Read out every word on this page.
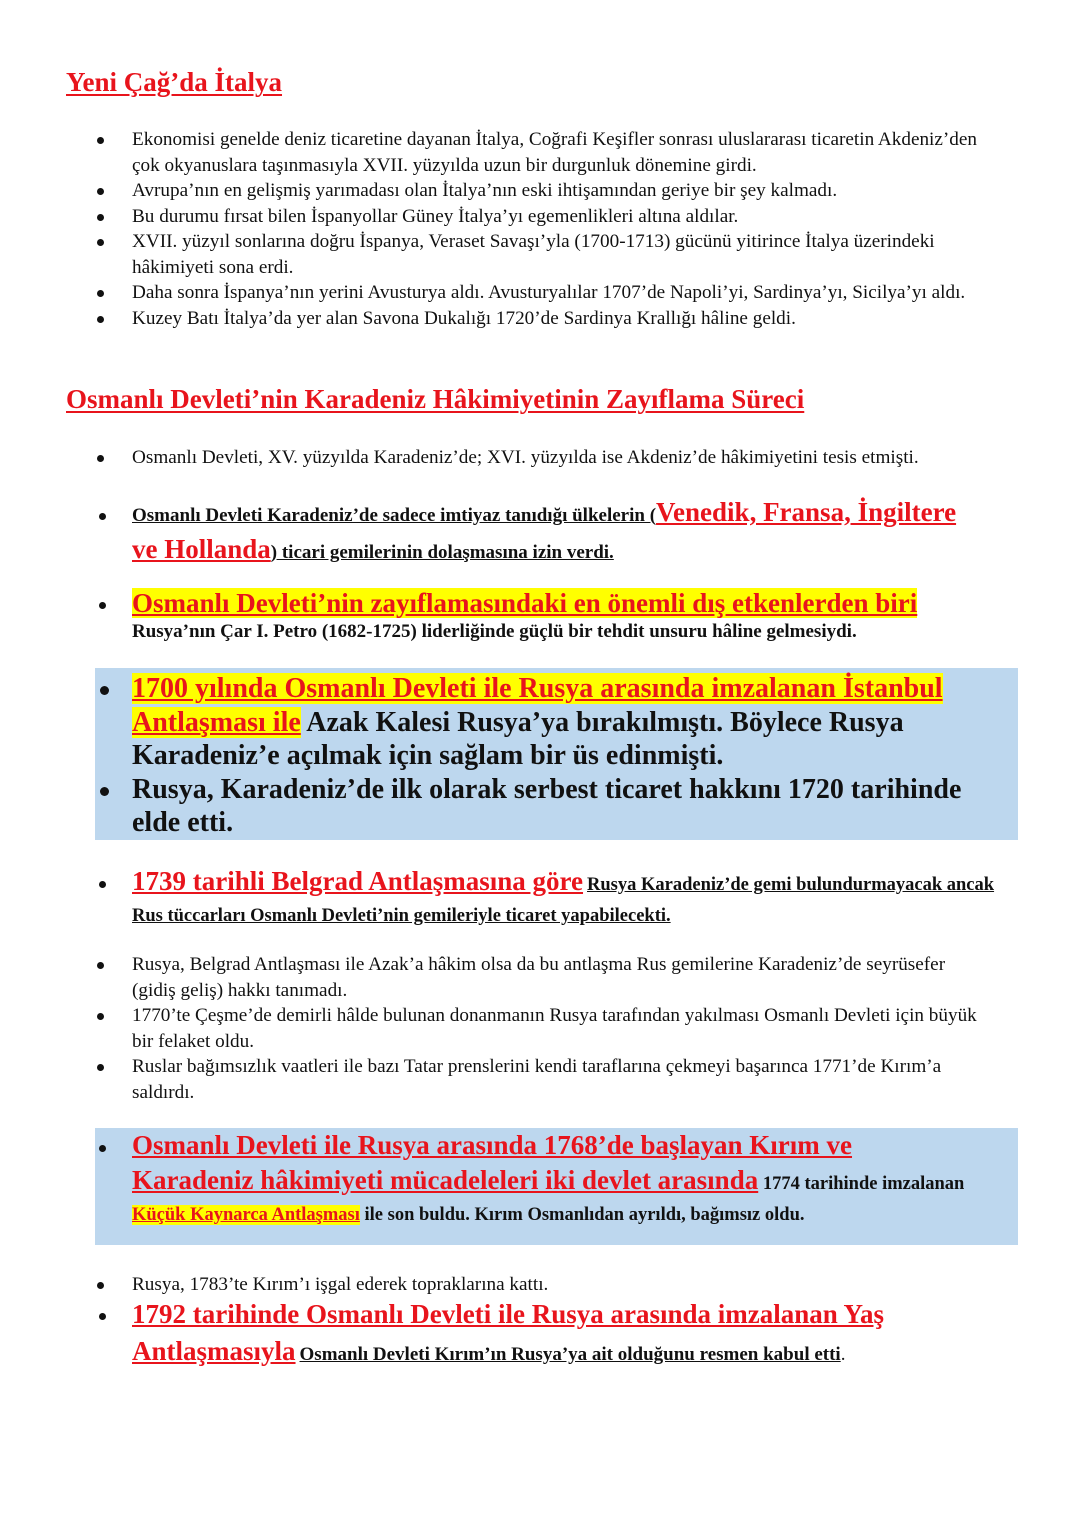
Yeni Çağ’da İtalya
Ekonomisi genelde deniz ticaretine dayanan İtalya, Coğrafi Keşifler sonrası uluslararası ticaretin Akdeniz’den çok okyanuslara taşınmasıyla XVII. yüzyılda uzun bir durgunluk dönemine girdi.
Avrupa’nın en gelişmiş yarımadası olan İtalya’nın eski ihtişamından geriye bir şey kalmadı.
Bu durumu fırsat bilen İspanyollar Güney İtalya’yı egemenlikleri altına aldılar.
XVII. yüzyıl sonlarına doğru İspanya, Veraset Savaşı’yla (1700-1713) gücünü yitirince İtalya üzerindeki hâkimiyeti sona erdi.
Daha sonra İspanya’nın yerini Avusturya aldı. Avusturyalılar 1707’de Napoli’yi, Sardinya’yı, Sicilya’yı aldı.
Kuzey Batı İtalya’da yer alan Savona Dukalığı 1720’de Sardinya Krallığı hâline geldi.
Osmanlı Devleti’nin Karadeniz Hâkimiyetinin Zayıflama Süreci
Osmanlı Devleti, XV. yüzyılda Karadeniz’de; XVI. yüzyılda ise Akdeniz’de hâkimiyetini tesis etmişti.
Osmanlı Devleti Karadeniz’de sadece imtiyaz tanıdığı ülkelerin (Venedik, Fransa, İngiltere ve Hollanda) ticari gemilerinin dolaşmasına izin verdi.
Osmanlı Devleti’nin zayıflamasındaki en önemli dış etkenlerden biri
Rusya’nın Çar I. Petro (1682-1725) liderliğinde güçlü bir tehdit unsuru hâline gelmesiydi.
1700 yılında Osmanlı Devleti ile Rusya arasında imzalanan İstanbul Antlaşması ile Azak Kalesi Rusya’ya bırakılmıştı. Böylece Rusya Karadeniz’e açılmak için sağlam bir üs edinmişti.
Rusya, Karadeniz’de ilk olarak serbest ticaret hakkını 1720 tarihinde elde etti.
1739 tarihli Belgrad Antlaşmasına göre Rusya Karadeniz’de gemi bulundurmayacak ancak Rus tüccarları Osmanlı Devleti’nin gemileriyle ticaret yapabilecekti.
Rusya, Belgrad Antlaşması ile Azak’a hâkim olsa da bu antlaşma Rus gemilerine Karadeniz’de seyrüsefer (gidiş geliş) hakkı tanımadı.
1770’te Çeşme’de demirli hâlde bulunan donanmanın Rusya tarafından yakılması Osmanlı Devleti için büyük bir felaket oldu.
Ruslar bağımsızlık vaatleri ile bazı Tatar prenslerini kendi taraflarına çekmeyi başarınca 1771’de Kırım’a saldırdı.
Osmanlı Devleti ile Rusya arasında 1768’de başlayan Kırım ve Karadeniz hâkimiyeti mücadeleleri iki devlet arasında 1774 tarihinde imzalanan Küçük Kaynarca Antlaşması ile son buldu. Kırım Osmanlıdan ayrıldı, bağımsız oldu.
Rusya, 1783’te Kırım’ı işgal ederek topraklarına kattı.
1792 tarihinde Osmanlı Devleti ile Rusya arasında imzalanan Yaş Antlaşmasıyla Osmanlı Devleti Kırım’ın Rusya’ya ait olduğunu resmen kabul etti.
